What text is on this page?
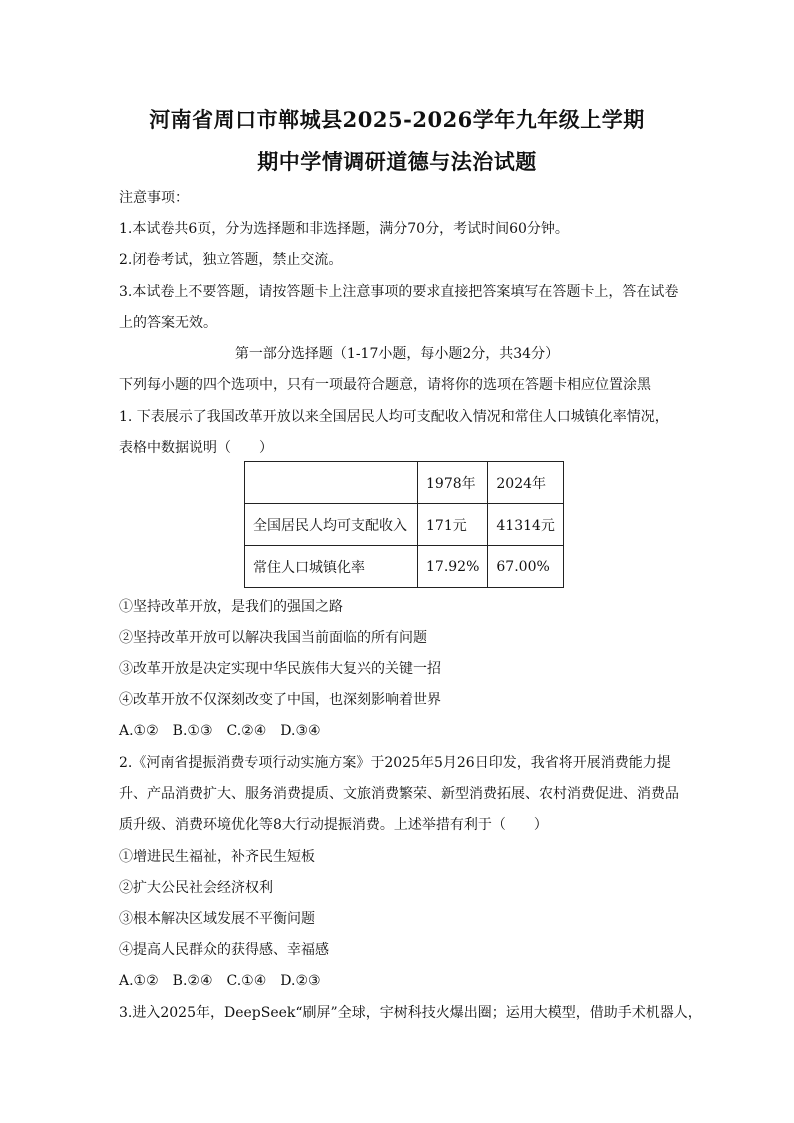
河南省周口市郸城县2025-2026学年九年级上学期
期中学情调研道德与法治试题
注意事项：
1.本试卷共6页，分为选择题和非选择题，满分70分，考试时间60分钟。
2.闭卷考试，独立答题，禁止交流。
3.本试卷上不要答题，请按答题卡上注意事项的要求直接把答案填写在答题卡上，答在试卷
上的答案无效。
第一部分选择题（1-17小题，每小题2分，共34分）
下列每小题的四个选项中，只有一项最符合题意，请将你的选项在答题卡相应位置涂黑
1. 下表展示了我国改革开放以来全国居民人均可支配收入情况和常住人口城镇化率情况，
表格中数据说明（　　）
	1978年	2024年
全国居民人均可支配收入	171元	41314元
常住人口城镇化率	17.92%	67.00%
①坚持改革开放，是我们的强国之路
②坚持改革开放可以解决我国当前面临的所有问题
③改革开放是决定实现中华民族伟大复兴的关键一招
④改革开放不仅深刻改变了中国，也深刻影响着世界
A.①②　B.①③　C.②④　D.③④
2.《河南省提振消费专项行动实施方案》于2025年5月26日印发，我省将开展消费能力提
升、产品消费扩大、服务消费提质、文旅消费繁荣、新型消费拓展、农村消费促进、消费品
质升级、消费环境优化等8大行动提振消费。上述举措有利于（　　）
①增进民生福祉，补齐民生短板
②扩大公民社会经济权利
③根本解决区域发展不平衡问题
④提高人民群众的获得感、幸福感
A.①②　B.②④　C.①④　D.②③
3.进入2025年，DeepSeek“刷屏”全球，宇树科技火爆出圈；运用大模型，借助手术机器人，
